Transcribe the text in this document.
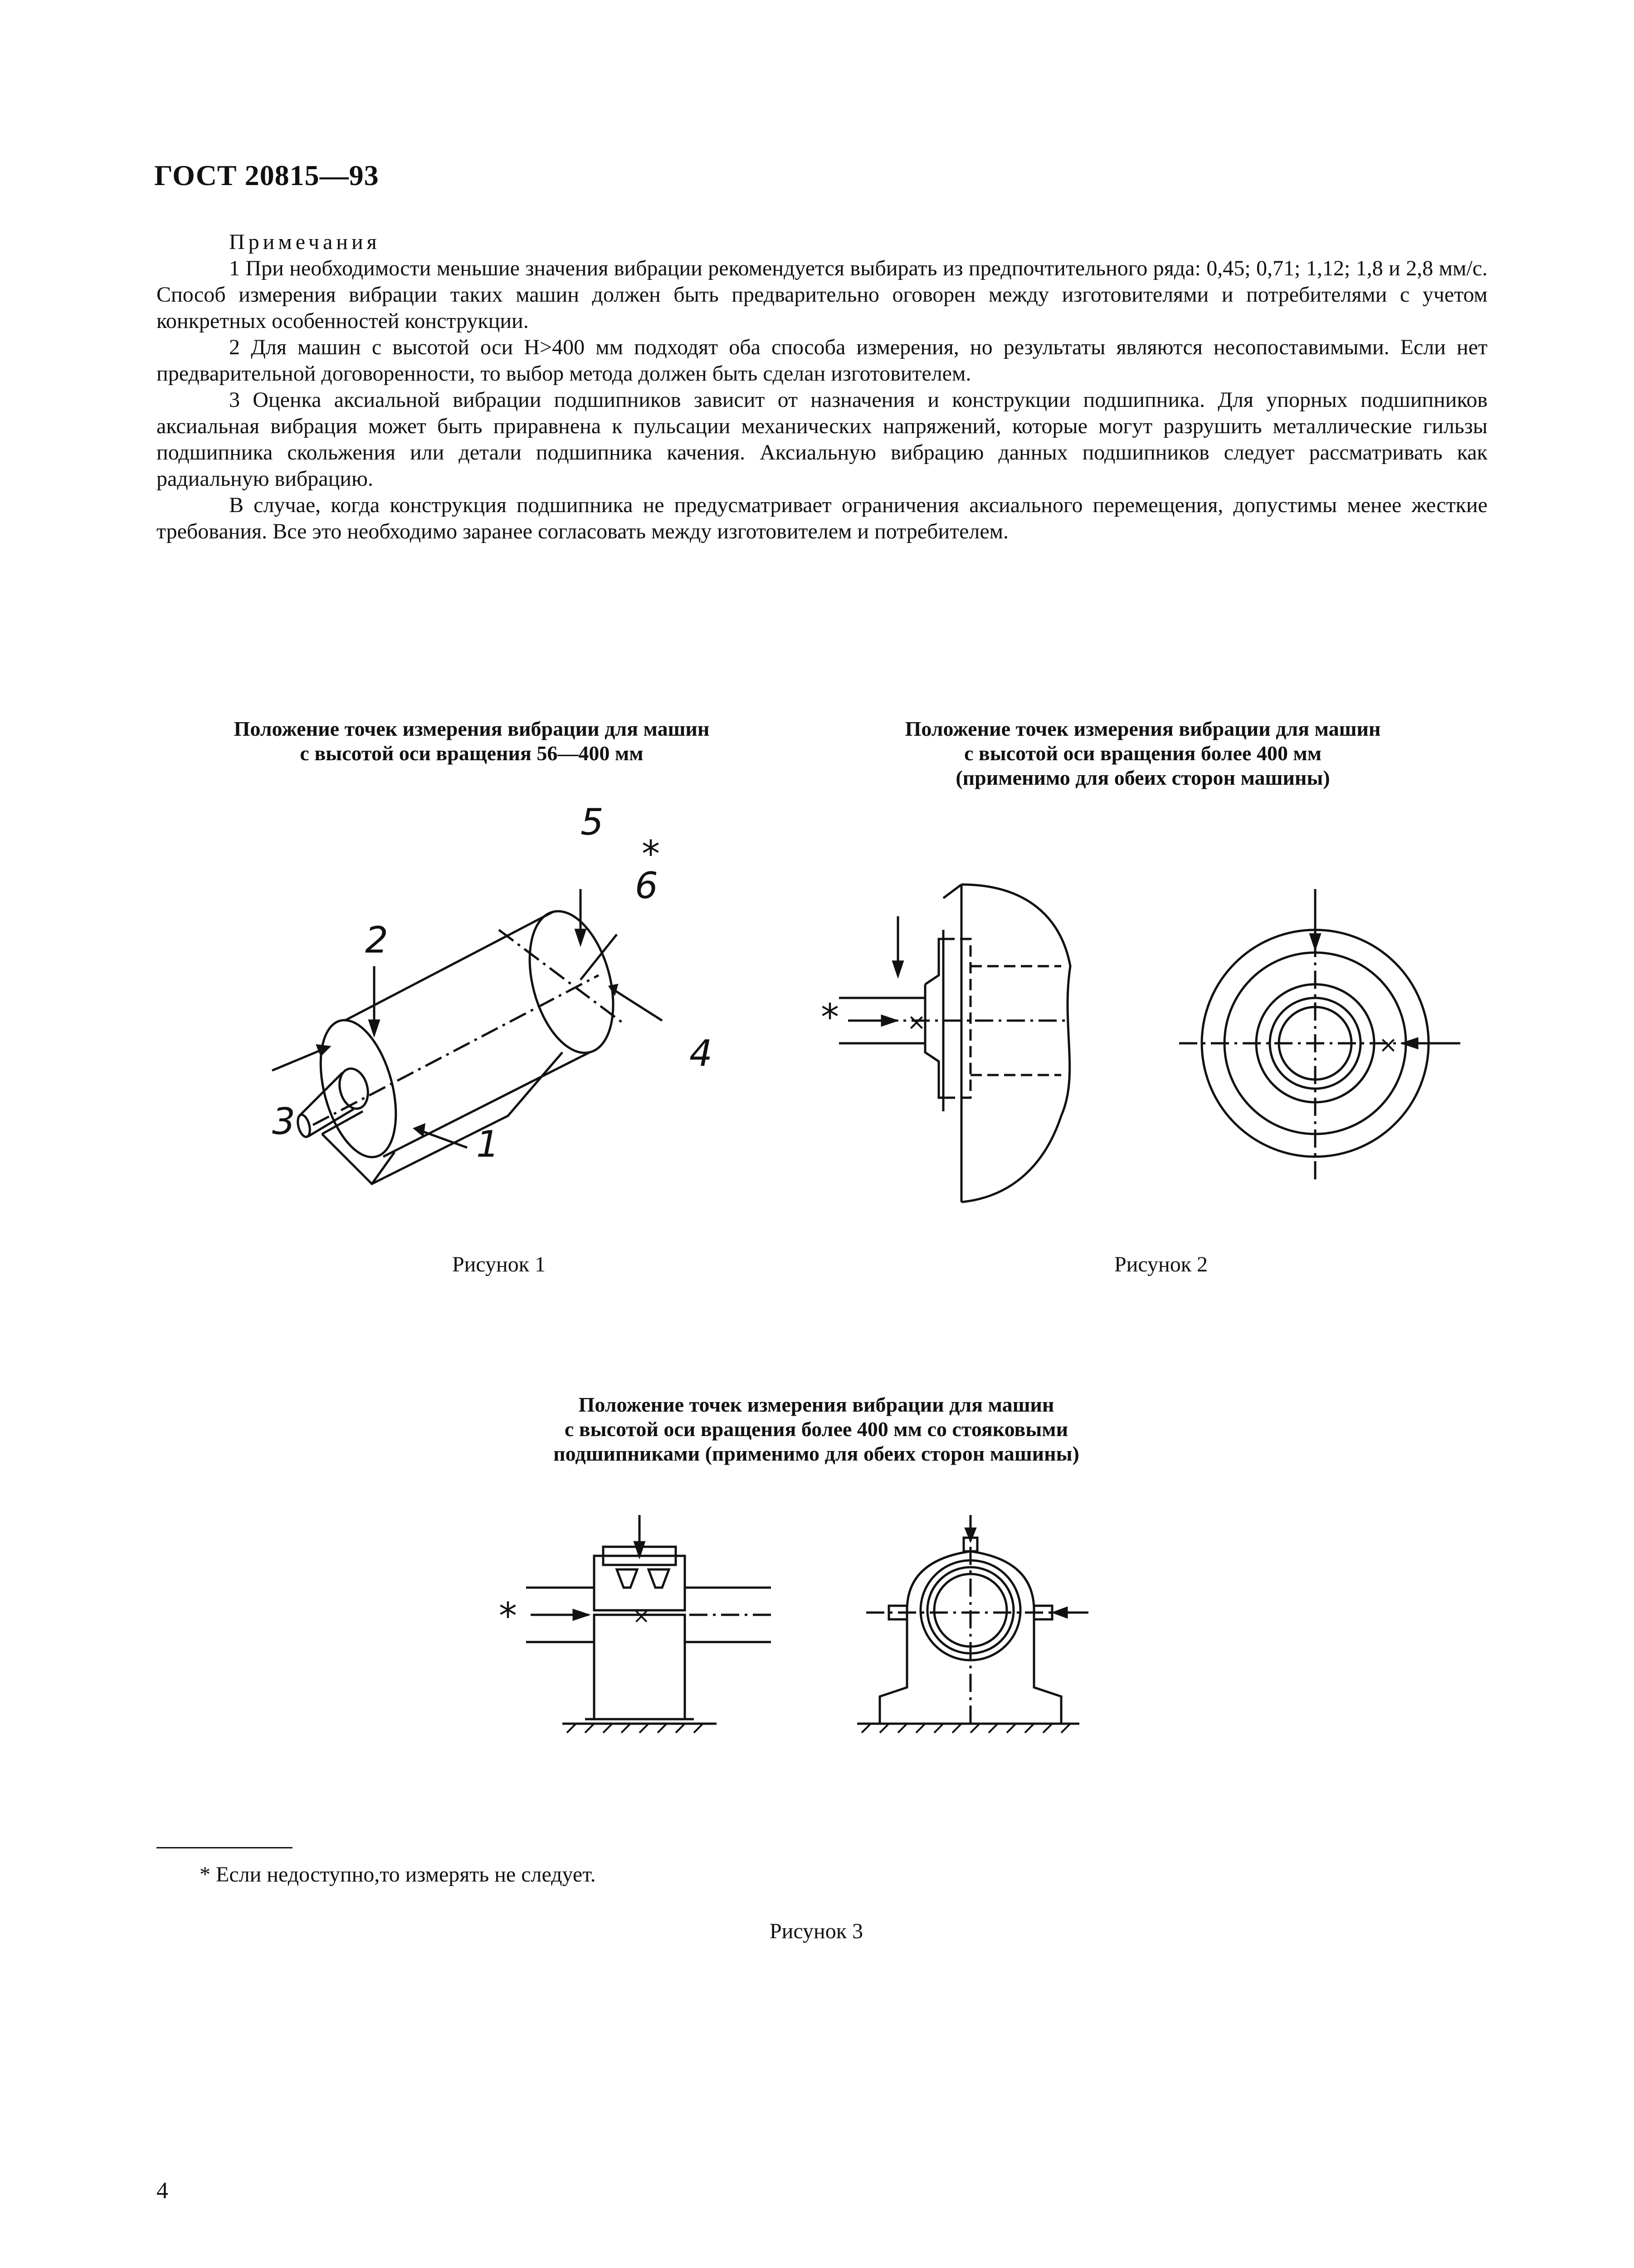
ГОСТ 20815—93

Примечания

1 При необходимости меньшие значения вибрации рекомендуется выбирать из предпочтительного ряда: 0,45; 0,71; 1,12; 1,8 и 2,8 мм/с. Способ измерения вибрации таких машин должен быть предварительно оговорен между изготовителями и потребителями с учетом конкретных особенностей конструкции.

2 Для машин с высотой оси H>400 мм подходят оба способа измерения, но результаты являются несопоставимыми. Если нет предварительной договоренности, то выбор метода должен быть сделан изготовителем.

3 Оценка аксиальной вибрации подшипников зависит от назначения и конструкции подшипника. Для упорных подшипников аксиальная вибрация может быть приравнена к пульсации механических напряжений, которые могут разрушить металлические гильзы подшипника скольжения или детали подшипника качения. Аксиальную вибрацию данных подшипников следует рассматривать как радиальную вибрацию.

В случае, когда конструкция подшипника не предусматривает ограничения аксиального перемещения, допустимы менее жесткие требования. Все это необходимо заранее согласовать между изготовителем и потребителем.

Положение точек измерения вибрации для машин
с высотой оси вращения 56—400 мм
Положение точек измерения вибрации для машин
с высотой оси вращения более 400 мм
(применимо для обеих сторон машины)
5
6
*
2
3
4
1
*	×
×
Рисунок 1	Рисунок 2
Положение точек измерения вибрации для машин
с высотой оси вращения более 400 мм со стояковыми
подшипниками (применимо для обеих сторон машины)
*	×
* Если недоступно,то измерять не следует.
Рисунок 3
4
